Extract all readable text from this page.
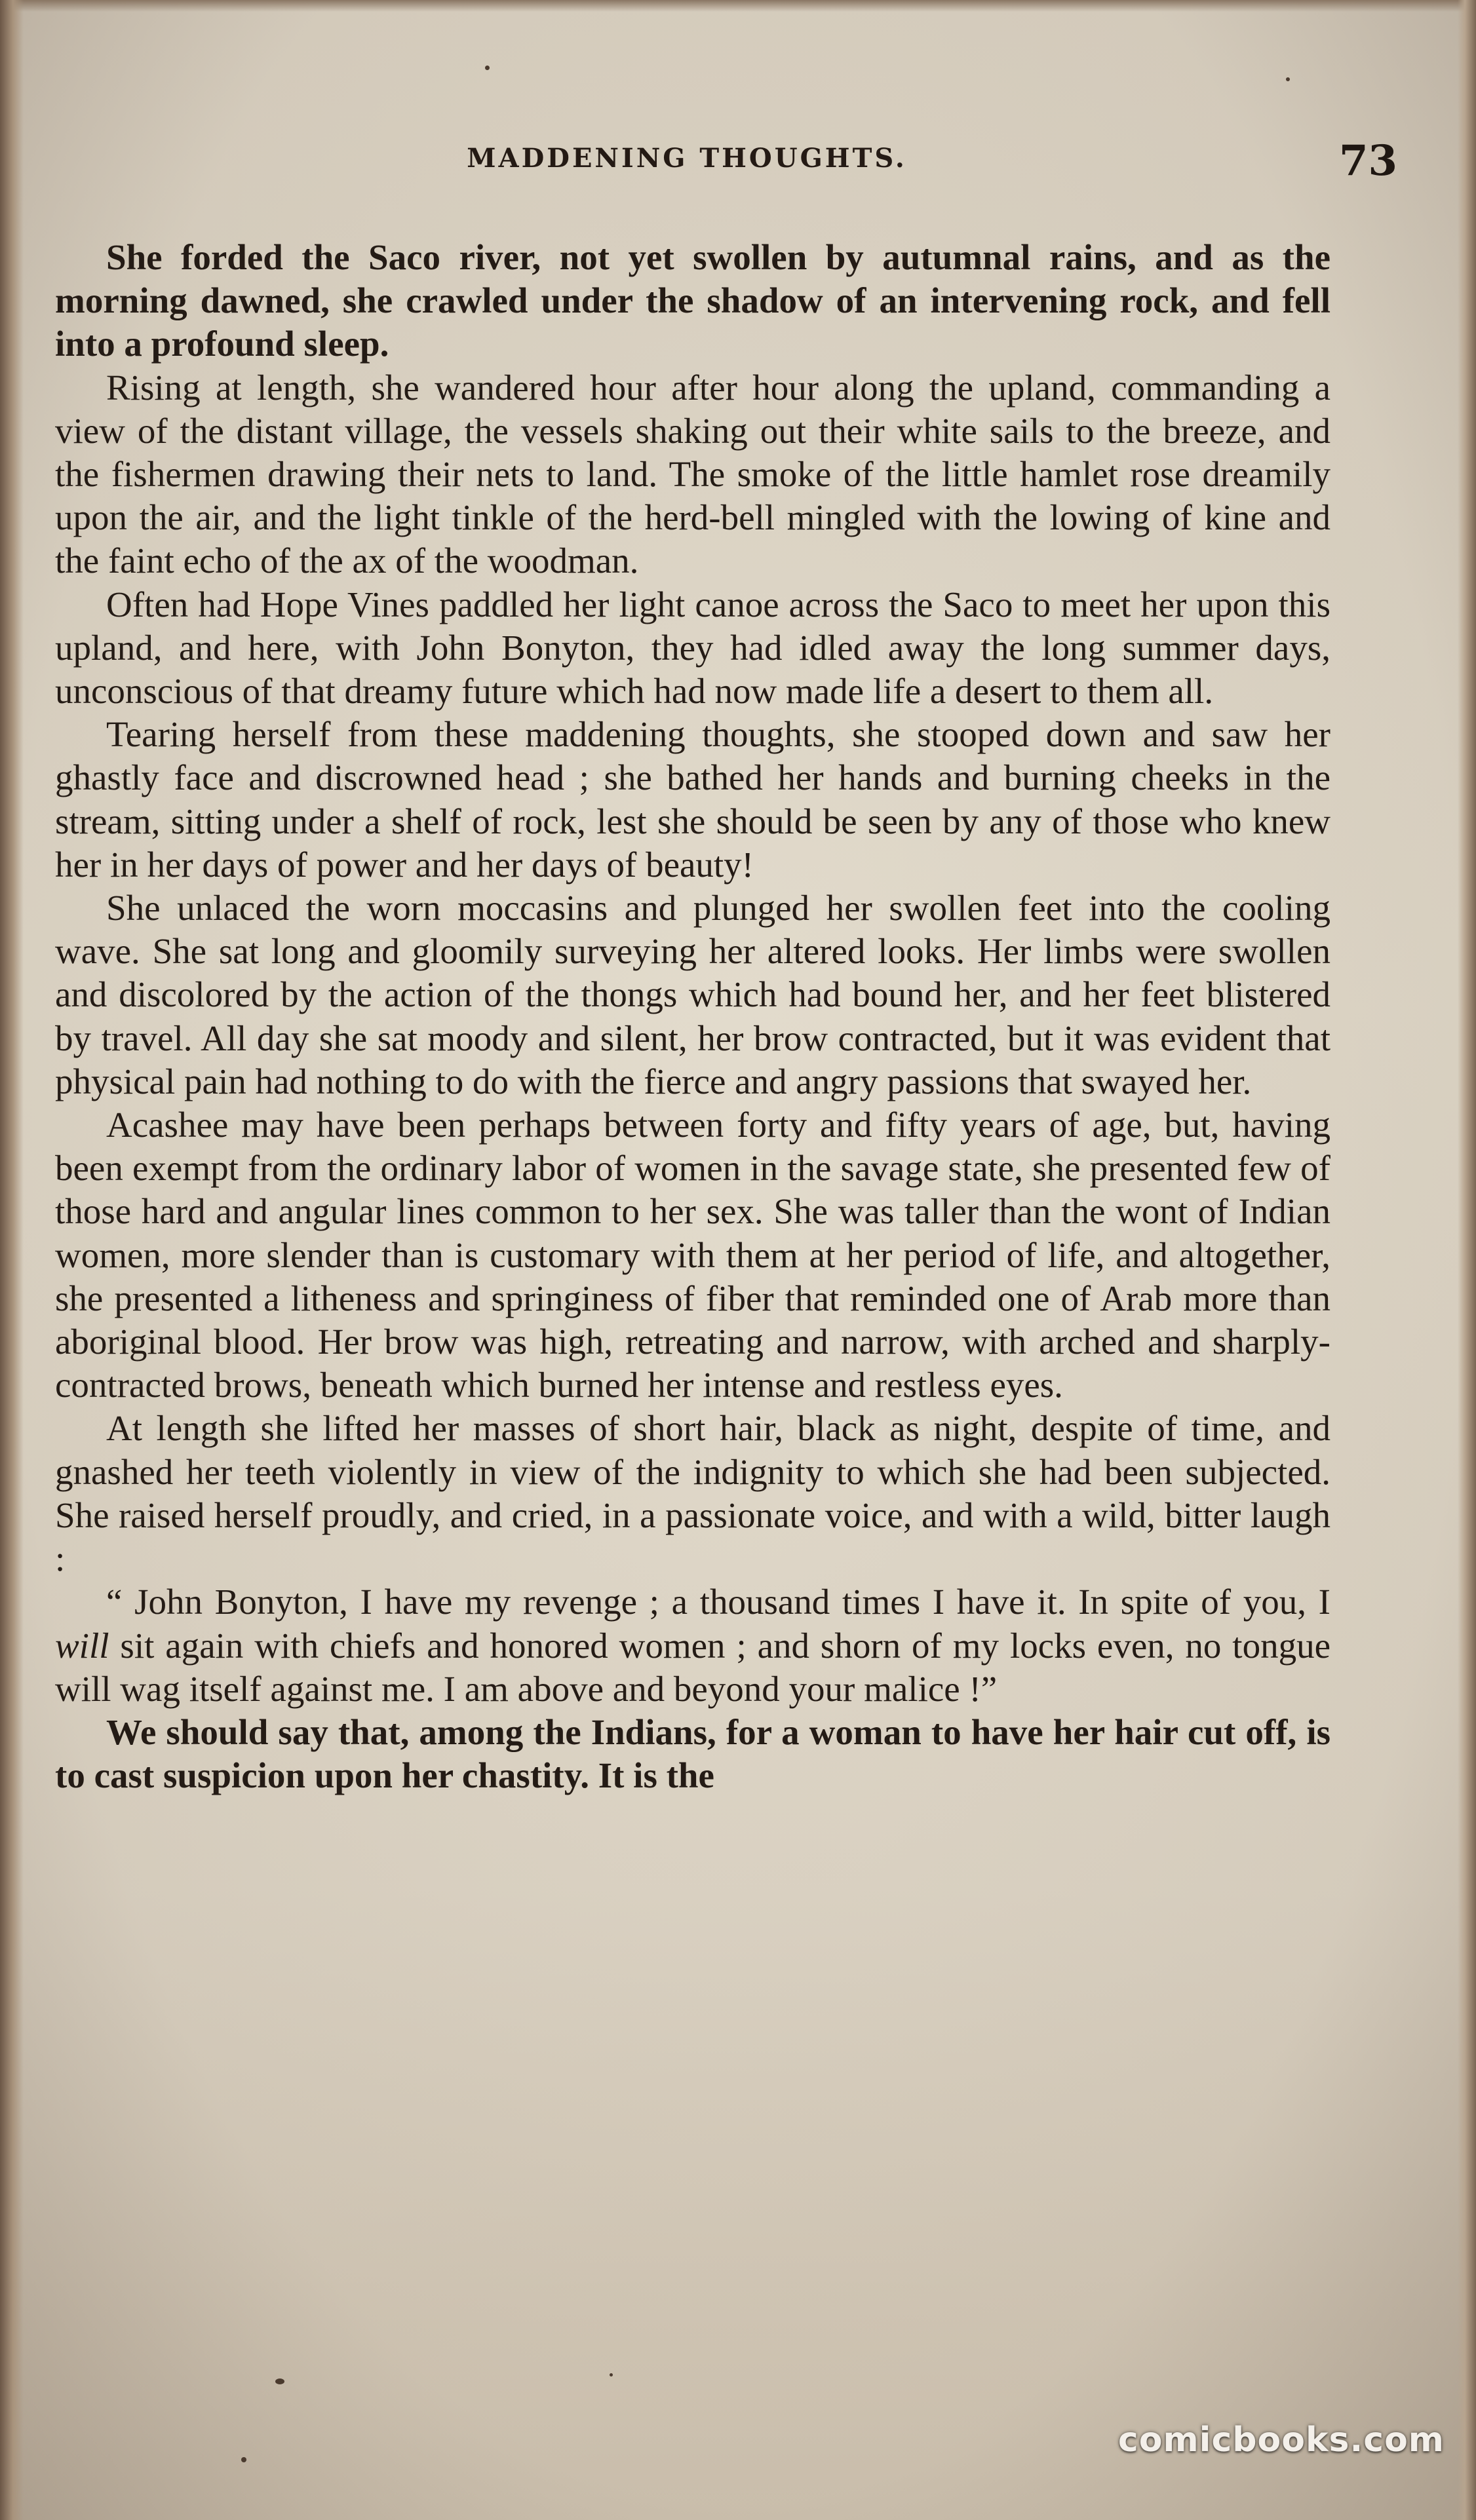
MADDENING THOUGHTS.	73

She forded the Saco river, not yet swollen by autumnal rains, and as the morning dawned, she crawled under the shadow of an intervening rock, and fell into a profound sleep.

Rising at length, she wandered hour after hour along the upland, commanding a view of the distant village, the vessels shaking out their white sails to the breeze, and the fishermen drawing their nets to land. The smoke of the little hamlet rose dreamily upon the air, and the light tinkle of the herd-bell mingled with the lowing of kine and the faint echo of the ax of the woodman.

Often had Hope Vines paddled her light canoe across the Saco to meet her upon this upland, and here, with John Bonyton, they had idled away the long summer days, unconscious of that dreamy future which had now made life a desert to them all.

Tearing herself from these maddening thoughts, she stooped down and saw her ghastly face and discrowned head ; she bathed her hands and burning cheeks in the stream, sitting under a shelf of rock, lest she should be seen by any of those who knew her in her days of power and her days of beauty!

She unlaced the worn moccasins and plunged her swollen feet into the cooling wave. She sat long and gloomily surveying her altered looks. Her limbs were swollen and discolored by the action of the thongs which had bound her, and her feet blistered by travel. All day she sat moody and silent, her brow contracted, but it was evident that physical pain had nothing to do with the fierce and angry passions that swayed her.

Acashee may have been perhaps between forty and fifty years of age, but, having been exempt from the ordinary labor of women in the savage state, she presented few of those hard and angular lines common to her sex. She was taller than the wont of Indian women, more slender than is customary with them at her period of life, and altogether, she presented a litheness and springiness of fiber that reminded one of Arab more than aboriginal blood. Her brow was high, retreating and narrow, with arched and sharply-contracted brows, beneath which burned her intense and restless eyes.

At length she lifted her masses of short hair, black as night, despite of time, and gnashed her teeth violently in view of the indignity to which she had been subjected. She raised herself proudly, and cried, in a passionate voice, and with a wild, bitter laugh :

“ John Bonyton, I have my revenge ; a thousand times I have it. In spite of you, I will sit again with chiefs and honored women ; and shorn of my locks even, no tongue will wag itself against me. I am above and beyond your malice !”

We should say that, among the Indians, for a woman to have her hair cut off, is to cast suspicion upon her chastity. It is the

comicbooks.com
